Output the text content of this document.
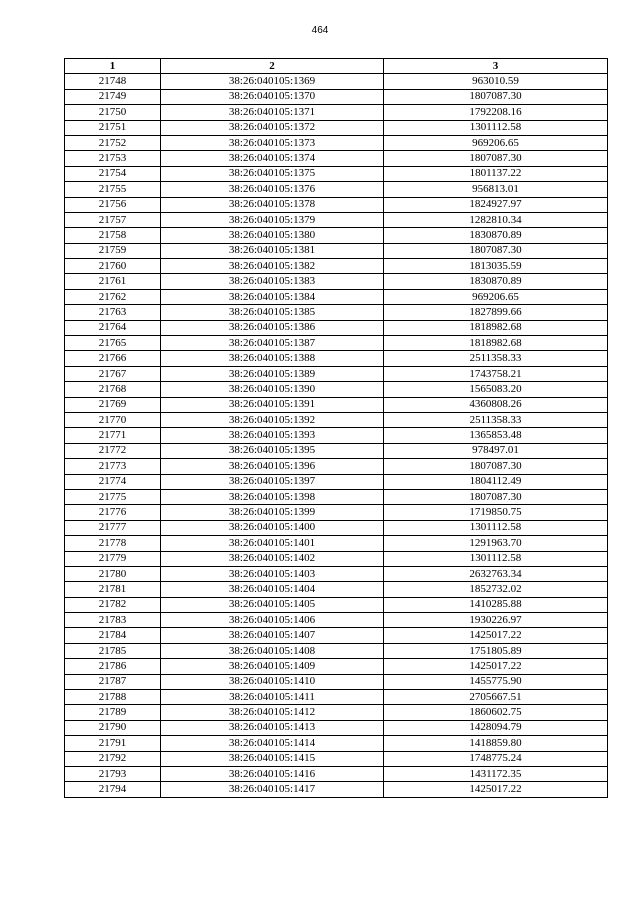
464
1	2	3
21748	38:26:040105:1369	963010.59
21749	38:26:040105:1370	1807087.30
21750	38:26:040105:1371	1792208.16
21751	38:26:040105:1372	1301112.58
21752	38:26:040105:1373	969206.65
21753	38:26:040105:1374	1807087.30
21754	38:26:040105:1375	1801137.22
21755	38:26:040105:1376	956813.01
21756	38:26:040105:1378	1824927.97
21757	38:26:040105:1379	1282810.34
21758	38:26:040105:1380	1830870.89
21759	38:26:040105:1381	1807087.30
21760	38:26:040105:1382	1813035.59
21761	38:26:040105:1383	1830870.89
21762	38:26:040105:1384	969206.65
21763	38:26:040105:1385	1827899.66
21764	38:26:040105:1386	1818982.68
21765	38:26:040105:1387	1818982.68
21766	38:26:040105:1388	2511358.33
21767	38:26:040105:1389	1743758.21
21768	38:26:040105:1390	1565083.20
21769	38:26:040105:1391	4360808.26
21770	38:26:040105:1392	2511358.33
21771	38:26:040105:1393	1365853.48
21772	38:26:040105:1395	978497.01
21773	38:26:040105:1396	1807087.30
21774	38:26:040105:1397	1804112.49
21775	38:26:040105:1398	1807087.30
21776	38:26:040105:1399	1719850.75
21777	38:26:040105:1400	1301112.58
21778	38:26:040105:1401	1291963.70
21779	38:26:040105:1402	1301112.58
21780	38:26:040105:1403	2632763.34
21781	38:26:040105:1404	1852732.02
21782	38:26:040105:1405	1410285.88
21783	38:26:040105:1406	1930226.97
21784	38:26:040105:1407	1425017.22
21785	38:26:040105:1408	1751805.89
21786	38:26:040105:1409	1425017.22
21787	38:26:040105:1410	1455775.90
21788	38:26:040105:1411	2705667.51
21789	38:26:040105:1412	1860602.75
21790	38:26:040105:1413	1428094.79
21791	38:26:040105:1414	1418859.80
21792	38:26:040105:1415	1748775.24
21793	38:26:040105:1416	1431172.35
21794	38:26:040105:1417	1425017.22
